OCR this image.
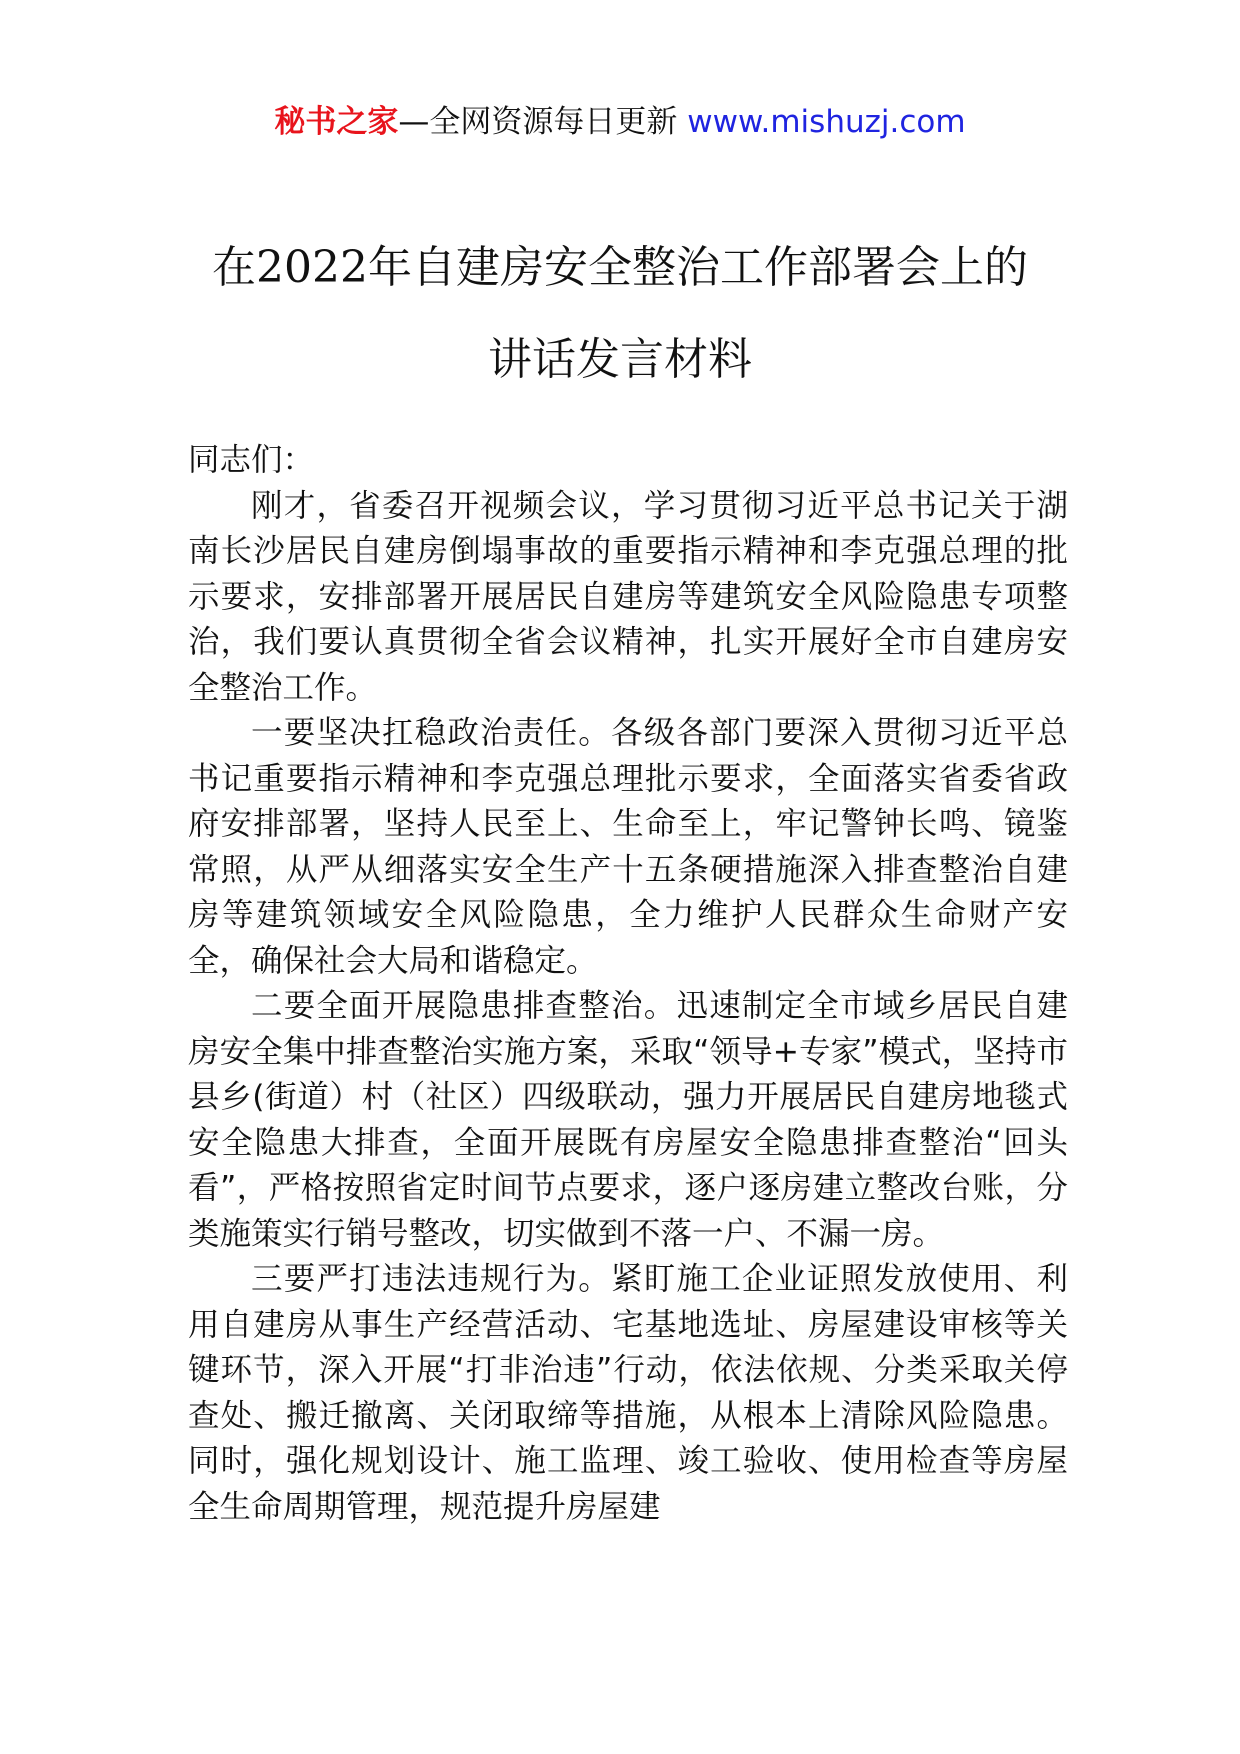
秘书之家—全网资源每日更新 www.mishuzj.com
在2022年自建房安全整治工作部署会上的
讲话发言材料

同志们：

刚才，省委召开视频会议，学习贯彻习近平总书记关于湖南长沙居民自建房倒塌事故的重要指示精神和李克强总理的批示要求，安排部署开展居民自建房等建筑安全风险隐患专项整治，我们要认真贯彻全省会议精神，扎实开展好全市自建房安全整治工作。

一要坚决扛稳政治责任。各级各部门要深入贯彻习近平总书记重要指示精神和李克强总理批示要求，全面落实省委省政府安排部署，坚持人民至上、生命至上，牢记警钟长鸣、镜鉴常照，从严从细落实安全生产十五条硬措施深入排查整治自建房等建筑领域安全风险隐患，全力维护人民群众生命财产安全，确保社会大局和谐稳定。

二要全面开展隐患排查整治。迅速制定全市域乡居民自建房安全集中排查整治实施方案，采取“领导+专家”模式，坚持市县乡(街道）村（社区）四级联动，强力开展居民自建房地毯式安全隐患大排查，全面开展既有房屋安全隐患排查整治“回头看”，严格按照省定时间节点要求，逐户逐房建立整改台账，分类施策实行销号整改，切实做到不落一户、不漏一房。

三要严打违法违规行为。紧盯施工企业证照发放使用、利用自建房从事生产经营活动、宅基地选址、房屋建设审核等关键环节，深入开展“打非治违”行动，依法依规、分类采取关停查处、搬迁撤离、关闭取缔等措施，从根本上清除风险隐患。同时，强化规划设计、施工监理、竣工验收、使用检查等房屋全生命周期管理，规范提升房屋建
